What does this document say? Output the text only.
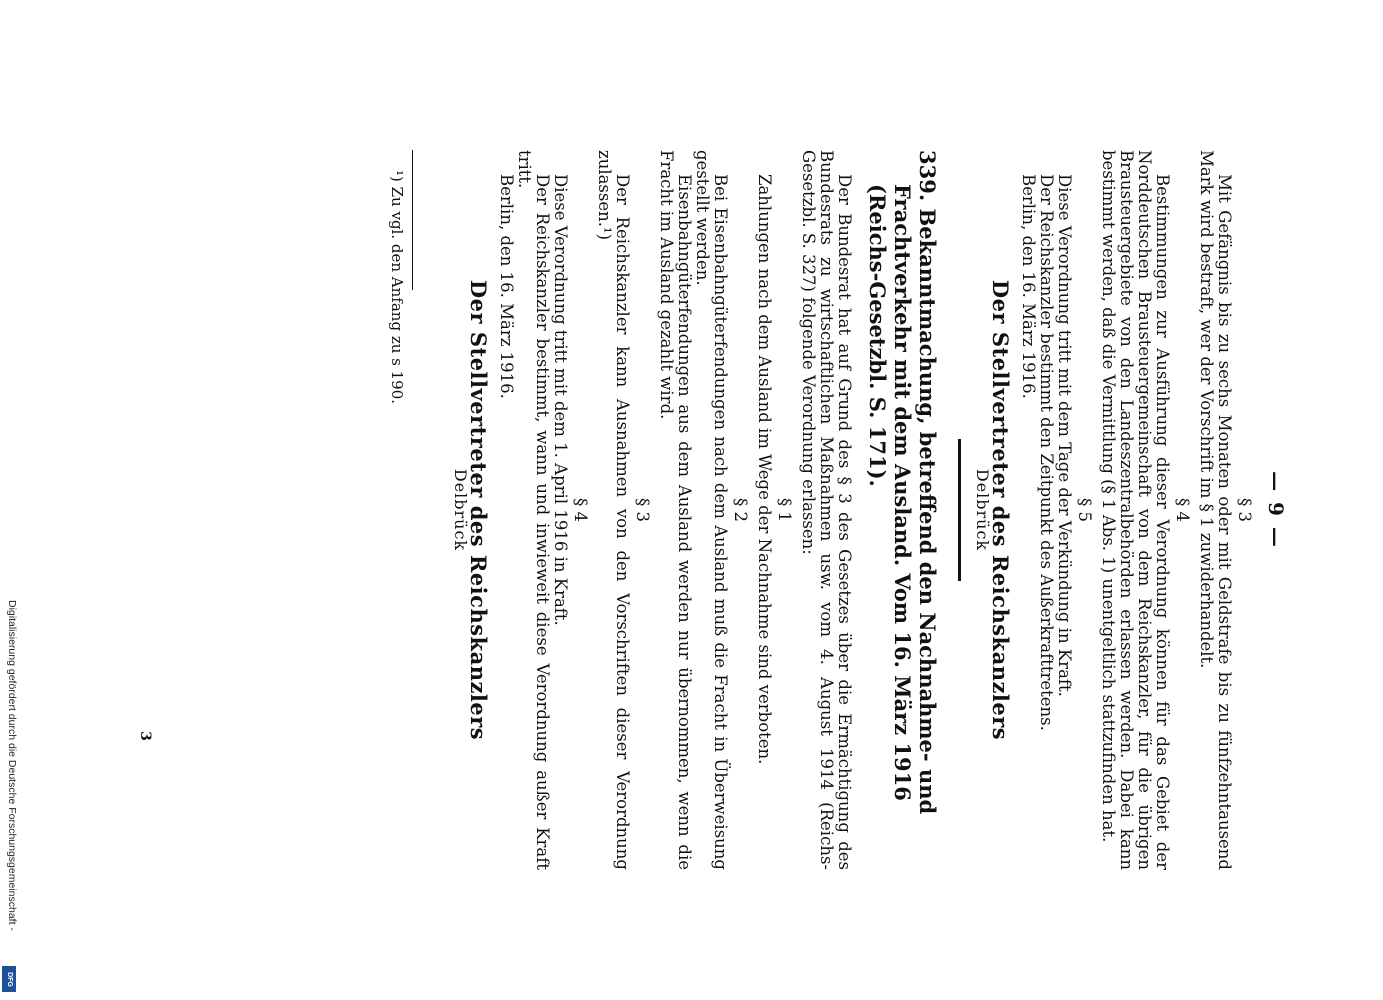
— 9 —
§ 3

Mit Gefängnis bis zu sechs Monaten oder mit Geldstrafe bis zu fünfzehntausend Mark wird bestraft, wer der Vorschrift im § 1 zuwiderhandelt.

§ 4

Bestimmungen zur Ausführung dieser Verordnung können für das Gebiet der Norddeutschen Brausteuergemeinschaft von dem Reichskanzler, für die übrigen Brausteuergebiete von den Landeszentralbehörden erlassen werden. Dabei kann bestimmt werden, daß die Vermittlung (§ 1 Abs. 1) unentgeltlich stattzufinden hat.

§ 5

Diese Verordnung tritt mit dem Tage der Verkündung in Kraft.

Der Reichskanzler bestimmt den Zeitpunkt des Außerkrafttretens.

Berlin, den 16. März 1916.

Der Stellvertreter des Reichskanzlers
Delbrück
339. Bekanntmachung, betreffend den Nachnahme- und Frachtverkehr mit dem Ausland. Vom 16. März 1916 (Reichs-Gesetzbl. S. 171).

Der Bundesrat hat auf Grund des § 3 des Gesetzes über die Ermächtigung des Bundesrats zu wirtschaftlichen Maßnahmen usw. vom 4. August 1914 (Reichs-Gesetzbl. S. 327) folgende Verordnung erlassen:

§ 1

Zahlungen nach dem Ausland im Wege der Nachnahme sind verboten.

§ 2

Bei Eisenbahngüterfendungen nach dem Ausland muß die Fracht in Überweisung gestellt werden.

Eisenbahngüterfendungen aus dem Ausland werden nur übernommen, wenn die Fracht im Ausland gezahlt wird.

§ 3

Der Reichskanzler kann Ausnahmen von den Vorschriften dieser Verordnung zulassen.¹)

§ 4

Diese Verordnung tritt mit dem 1. April 1916 in Kraft.

Der Reichskanzler bestimmt, wann und inwieweit diese Verordnung außer Kraft tritt.

Berlin, den 16. März 1916.

Der Stellvertreter des Reichskanzlers
Delbrück
¹) Zu vgl. den Anfang zu s 190.
3
Digitalisierung gefördert durch die Deutsche Forschungsgemeinschaft -
DFG
